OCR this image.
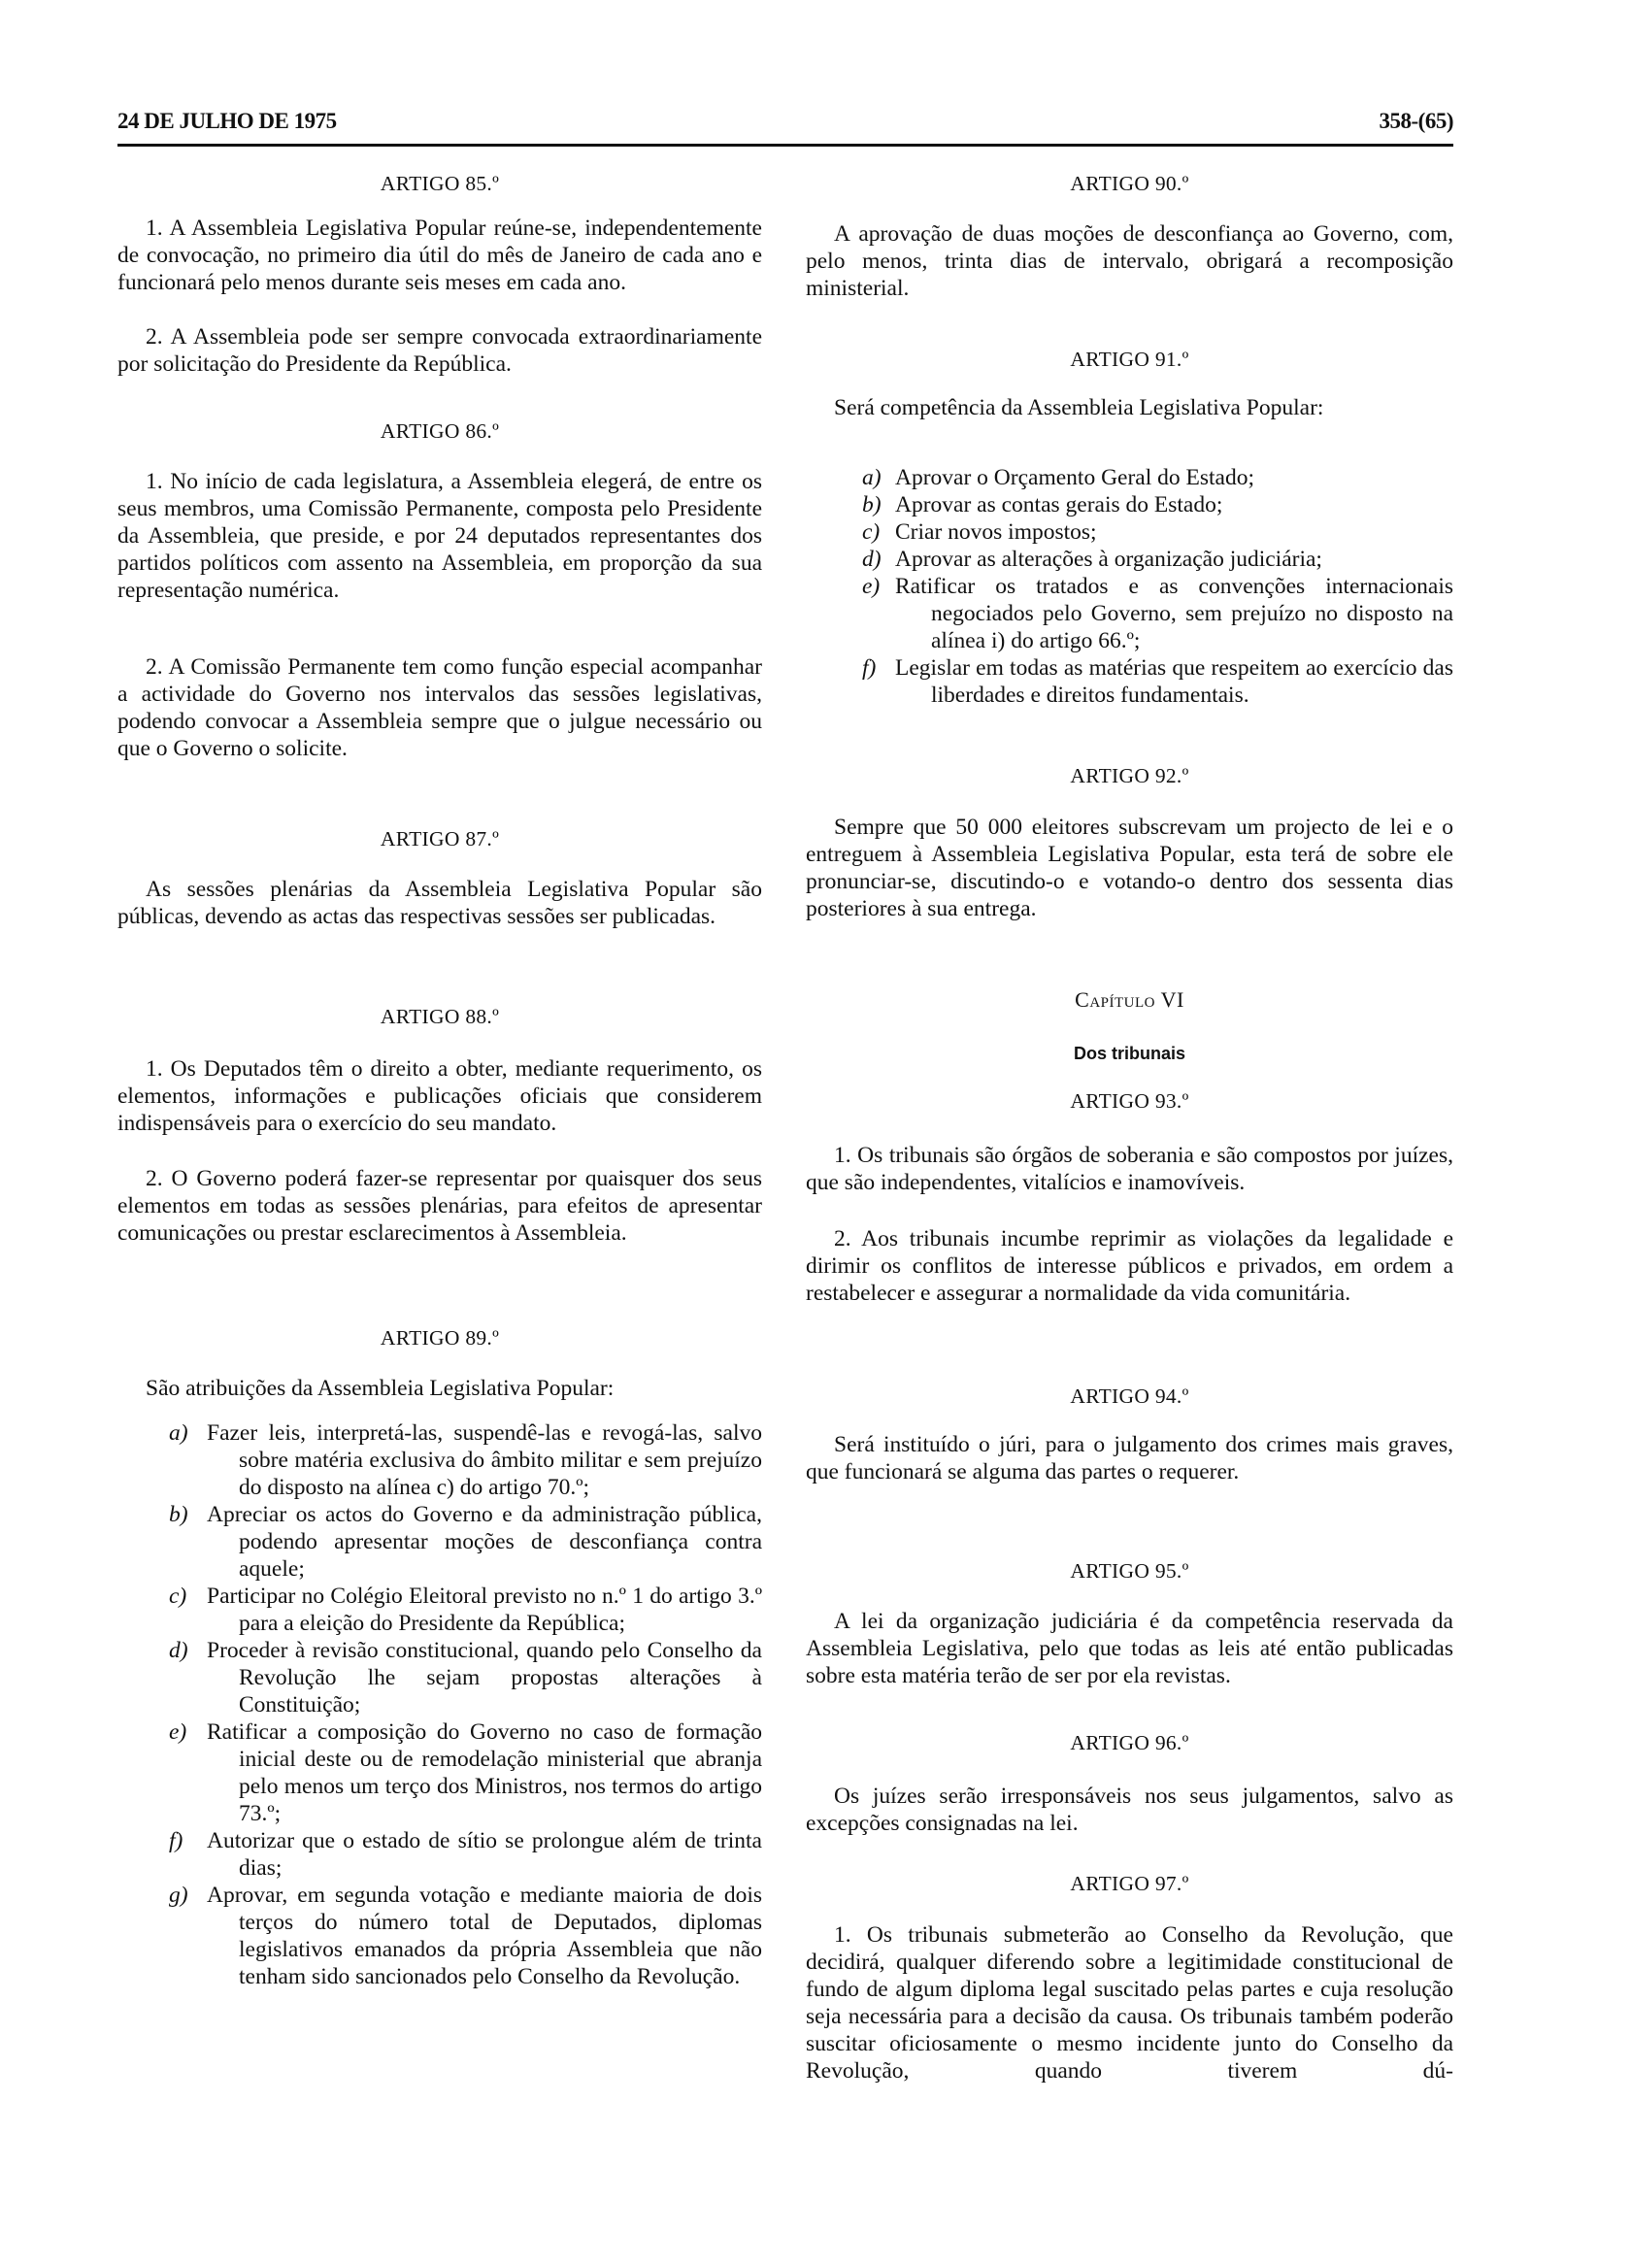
24 DE JULHO DE 1975	358-(65)
ARTIGO 85.º
1. A Assembleia Legislativa Popular reúne-se, independentemente de convocação, no primeiro dia útil do mês de Janeiro de cada ano e funcionará pelo menos durante seis meses em cada ano.
2. A Assembleia pode ser sempre convocada extraordinariamente por solicitação do Presidente da República.
ARTIGO 86.º
1. No início de cada legislatura, a Assembleia elegerá, de entre os seus membros, uma Comissão Permanente, composta pelo Presidente da Assembleia, que preside, e por 24 deputados representantes dos partidos políticos com assento na Assembleia, em proporção da sua representação numérica.
2. A Comissão Permanente tem como função especial acompanhar a actividade do Governo nos intervalos das sessões legislativas, podendo convocar a Assembleia sempre que o julgue necessário ou que o Governo o solicite.
ARTIGO 87.º
As sessões plenárias da Assembleia Legislativa Popular são públicas, devendo as actas das respectivas sessões ser publicadas.
ARTIGO 88.º
1. Os Deputados têm o direito a obter, mediante requerimento, os elementos, informações e publicações oficiais que considerem indispensáveis para o exercício do seu mandato.
2. O Governo poderá fazer-se representar por quaisquer dos seus elementos em todas as sessões plenárias, para efeitos de apresentar comunicações ou prestar esclarecimentos à Assembleia.
ARTIGO 89.º
São atribuições da Assembleia Legislativa Popular:
a) Fazer leis, interpretá-las, suspendê-las e revogá-las, salvo sobre matéria exclusiva do âmbito militar e sem prejuízo do disposto na alínea c) do artigo 70.º;
b) Apreciar os actos do Governo e da administração pública, podendo apresentar moções de desconfiança contra aquele;
c) Participar no Colégio Eleitoral previsto no n.º 1 do artigo 3.º para a eleição do Presidente da República;
d) Proceder à revisão constitucional, quando pelo Conselho da Revolução lhe sejam propostas alterações à Constituição;
e) Ratificar a composição do Governo no caso de formação inicial deste ou de remodelação ministerial que abranja pelo menos um terço dos Ministros, nos termos do artigo 73.º;
f) Autorizar que o estado de sítio se prolongue além de trinta dias;
g) Aprovar, em segunda votação e mediante maioria de dois terços do número total de Deputados, diplomas legislativos emanados da própria Assembleia que não tenham sido sancionados pelo Conselho da Revolução.
ARTIGO 90.º
A aprovação de duas moções de desconfiança ao Governo, com, pelo menos, trinta dias de intervalo, obrigará a recomposição ministerial.
ARTIGO 91.º
Será competência da Assembleia Legislativa Popular:
a) Aprovar o Orçamento Geral do Estado;
b) Aprovar as contas gerais do Estado;
c) Criar novos impostos;
d) Aprovar as alterações à organização judiciária;
e) Ratificar os tratados e as convenções internacionais negociados pelo Governo, sem prejuízo no disposto na alínea i) do artigo 66.º;
f) Legislar em todas as matérias que respeitem ao exercício das liberdades e direitos fundamentais.
ARTIGO 92.º
Sempre que 50 000 eleitores subscrevam um projecto de lei e o entreguem à Assembleia Legislativa Popular, esta terá de sobre ele pronunciar-se, discutindo-o e votando-o dentro dos sessenta dias posteriores à sua entrega.
Capítulo VI
Dos tribunais
ARTIGO 93.º
1. Os tribunais são órgãos de soberania e são compostos por juízes, que são independentes, vitalícios e inamovíveis.
2. Aos tribunais incumbe reprimir as violações da legalidade e dirimir os conflitos de interesse públicos e privados, em ordem a restabelecer e assegurar a normalidade da vida comunitária.
ARTIGO 94.º
Será instituído o júri, para o julgamento dos crimes mais graves, que funcionará se alguma das partes o requerer.
ARTIGO 95.º
A lei da organização judiciária é da competência reservada da Assembleia Legislativa, pelo que todas as leis até então publicadas sobre esta matéria terão de ser por ela revistas.
ARTIGO 96.º
Os juízes serão irresponsáveis nos seus julgamentos, salvo as excepções consignadas na lei.
ARTIGO 97.º
1. Os tribunais submeterão ao Conselho da Revolução, que decidirá, qualquer diferendo sobre a legitimidade constitucional de fundo de algum diploma legal suscitado pelas partes e cuja resolução seja necessária para a decisão da causa. Os tribunais também poderão suscitar oficiosamente o mesmo incidente junto do Conselho da Revolução, quando tiverem dú-
